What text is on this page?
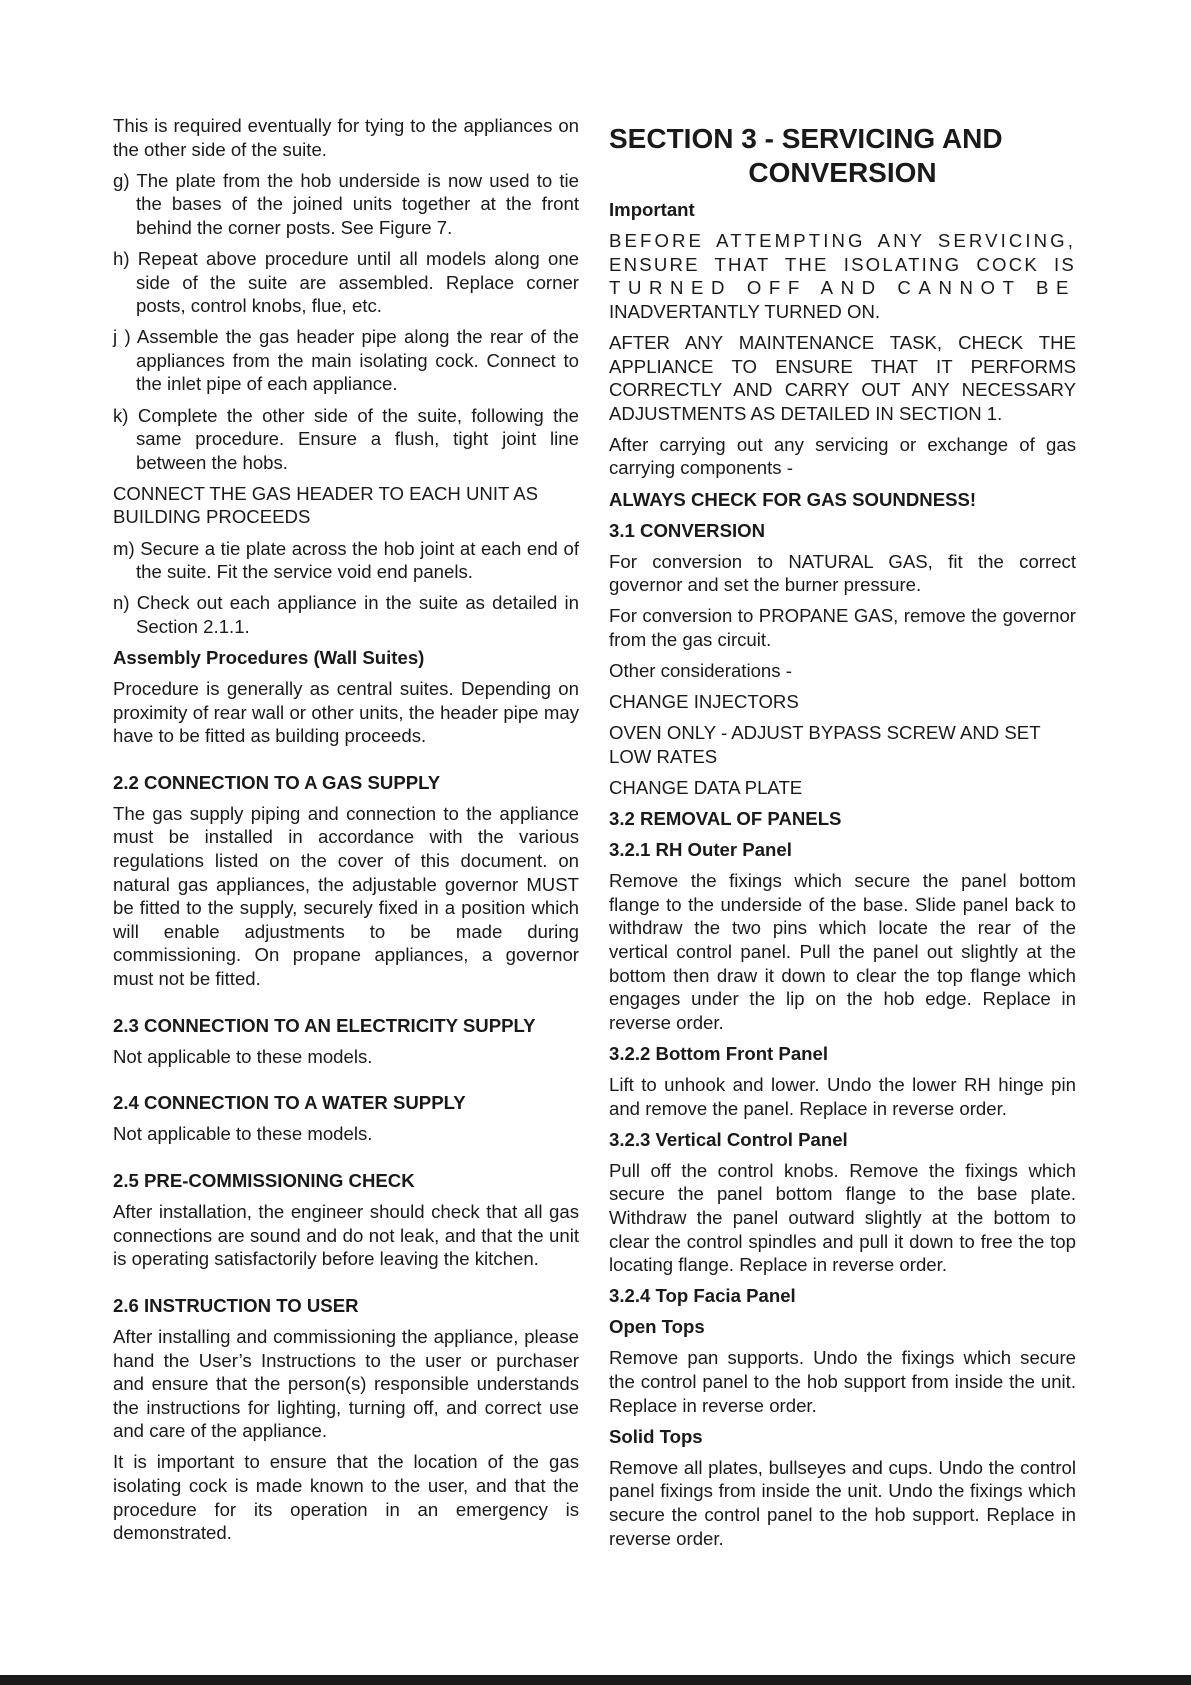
This is required eventually for tying to the appliances on the other side of the suite.

g) The plate from the hob underside is now used to tie the bases of the joined units together at the front behind the corner posts. See Figure 7.

h) Repeat above procedure until all models along one side of the suite are assembled. Replace corner posts, control knobs, flue, etc.

j ) Assemble the gas header pipe along the rear of the appliances from the main isolating cock. Connect to the inlet pipe of each appliance.

k) Complete the other side of the suite, following the same procedure. Ensure a flush, tight joint line between the hobs.

CONNECT THE GAS HEADER TO EACH UNIT AS BUILDING PROCEEDS

m) Secure a tie plate across the hob joint at each end of the suite. Fit the service void end panels.

n) Check out each appliance in the suite as detailed in Section 2.1.1.

Assembly Procedures (Wall Suites)

Procedure is generally as central suites. Depending on proximity of rear wall or other units, the header pipe may have to be fitted as building proceeds.

2.2 CONNECTION TO A GAS SUPPLY

The gas supply piping and connection to the appliance must be installed in accordance with the various regulations listed on the cover of this document. on natural gas appliances, the adjustable governor MUST be fitted to the supply, securely fixed in a position which will enable adjustments to be made during commissioning. On propane appliances, a governor must not be fitted.

2.3 CONNECTION TO AN ELECTRICITY SUPPLY

Not applicable to these models.

2.4 CONNECTION TO A WATER SUPPLY

Not applicable to these models.

2.5 PRE-COMMISSIONING CHECK

After installation, the engineer should check that all gas connections are sound and do not leak, and that the unit is operating satisfactorily before leaving the kitchen.

2.6 INSTRUCTION TO USER

After installing and commissioning the appliance, please hand the User’s Instructions to the user or purchaser and ensure that the person(s) responsible understands the instructions for lighting, turning off, and correct use and care of the appliance.

It is important to ensure that the location of the gas isolating cock is made known to the user, and that the procedure for its operation in an emergency is demonstrated.

SECTION 3 - SERVICING AND
CONVERSION

Important

BEFORE ATTEMPTING ANY SERVICING,
ENSURE THAT THE ISOLATING COCK IS
TURNED OFF AND CANNOT BE
INADVERTANTLY TURNED ON.

AFTER ANY MAINTENANCE TASK, CHECK THE APPLIANCE TO ENSURE THAT IT PERFORMS CORRECTLY AND CARRY OUT ANY NECESSARY ADJUSTMENTS AS DETAILED IN SECTION 1.

After carrying out any servicing or exchange of gas carrying components -

ALWAYS CHECK FOR GAS SOUNDNESS!

3.1 CONVERSION

For conversion to NATURAL GAS, fit the correct governor and set the burner pressure.

For conversion to PROPANE GAS, remove the governor from the gas circuit.

Other considerations -

CHANGE INJECTORS

OVEN ONLY - ADJUST BYPASS SCREW AND SET LOW RATES

CHANGE DATA PLATE

3.2 REMOVAL OF PANELS

3.2.1 RH Outer Panel

Remove the fixings which secure the panel bottom flange to the underside of the base. Slide panel back to withdraw the two pins which locate the rear of the vertical control panel. Pull the panel out slightly at the bottom then draw it down to clear the top flange which engages under the lip on the hob edge. Replace in reverse order.

3.2.2 Bottom Front Panel

Lift to unhook and lower. Undo the lower RH hinge pin and remove the panel. Replace in reverse order.

3.2.3 Vertical Control Panel

Pull off the control knobs. Remove the fixings which secure the panel bottom flange to the base plate. Withdraw the panel outward slightly at the bottom to clear the control spindles and pull it down to free the top locating flange. Replace in reverse order.

3.2.4 Top Facia Panel

Open Tops

Remove pan supports. Undo the fixings which secure the control panel to the hob support from inside the unit. Replace in reverse order.

Solid Tops

Remove all plates, bullseyes and cups. Undo the control panel fixings from inside the unit. Undo the fixings which secure the control panel to the hob support. Replace in reverse order.
